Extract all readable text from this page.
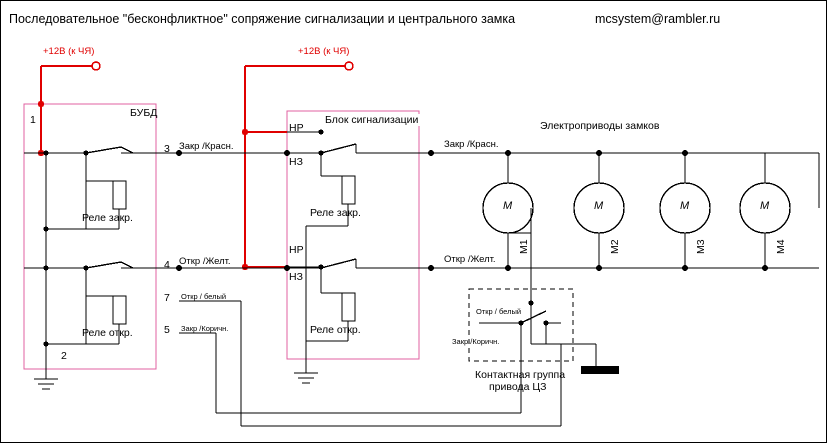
Последовательное "бесконфликтное" сопряжение сигнализации и центрального замка	mcsystem@rambler.ru
+12В (к ЧЯ)	+12В (к ЧЯ)
БУБД
Блок сигнализации	Электроприводы замков
1
2
3
4
5
7
Закр /Красн.
Откр /Желт.
Откр / белый
Закр /Коричн.
Закр /Красн.
Откр /Желт.
НР
НЗ
НР
НЗ
Реле закр.
Реле откр.
Реле закр.
Реле откр.
Откр / белый
Закр /Коричн.
Контактная группа
привода ЦЗ
M	M	M	M
M1	M2	M3	M4
